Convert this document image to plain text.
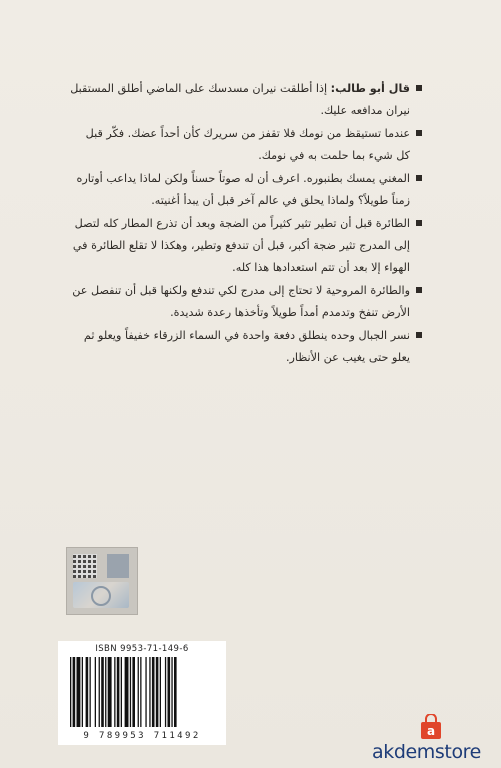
قال أبو طالب: إذا أطلقت نيران مسدسك على الماضي أطلق المستقبل نيران مدافعه عليك.
عندما تستيقظ من نومك فلا تقفز من سريرك كأن أحداً عضك. فكّر قبل كل شيء بما حلمت به في نومك.
المغني يمسك بطنبوره. اعرف أن له صوتاً حسناً ولكن لماذا يداعب أوتاره زمناً طويلاً؟ ولماذا يحلق في عالم آخر قبل أن يبدأ أغنيته.
الطائرة قبل أن تطير تثير كثيراً من الضجة وبعد أن تذرع المطار كله لتصل إلى المدرج تثير ضجة أكبر، قبل أن تندفع وتطير، وهكذا لا تقلع الطائرة في الهواء إلا بعد أن تتم استعدادها هذا كله.
والطائرة المروحية لا تحتاج إلى مدرج لكي تندفع ولكنها قبل أن تنفصل عن الأرض تنفخ وتدمدم أمداً طويلاً وتأخذها رعدة شديدة.
نسر الجبال وحده ينطلق دفعة واحدة في السماء الزرقاء خفيفاً ويعلو ثم يعلو حتى يغيب عن الأنظار.
ISBN 9953-71-149-6
9 789953 711492	a
akdemstore
